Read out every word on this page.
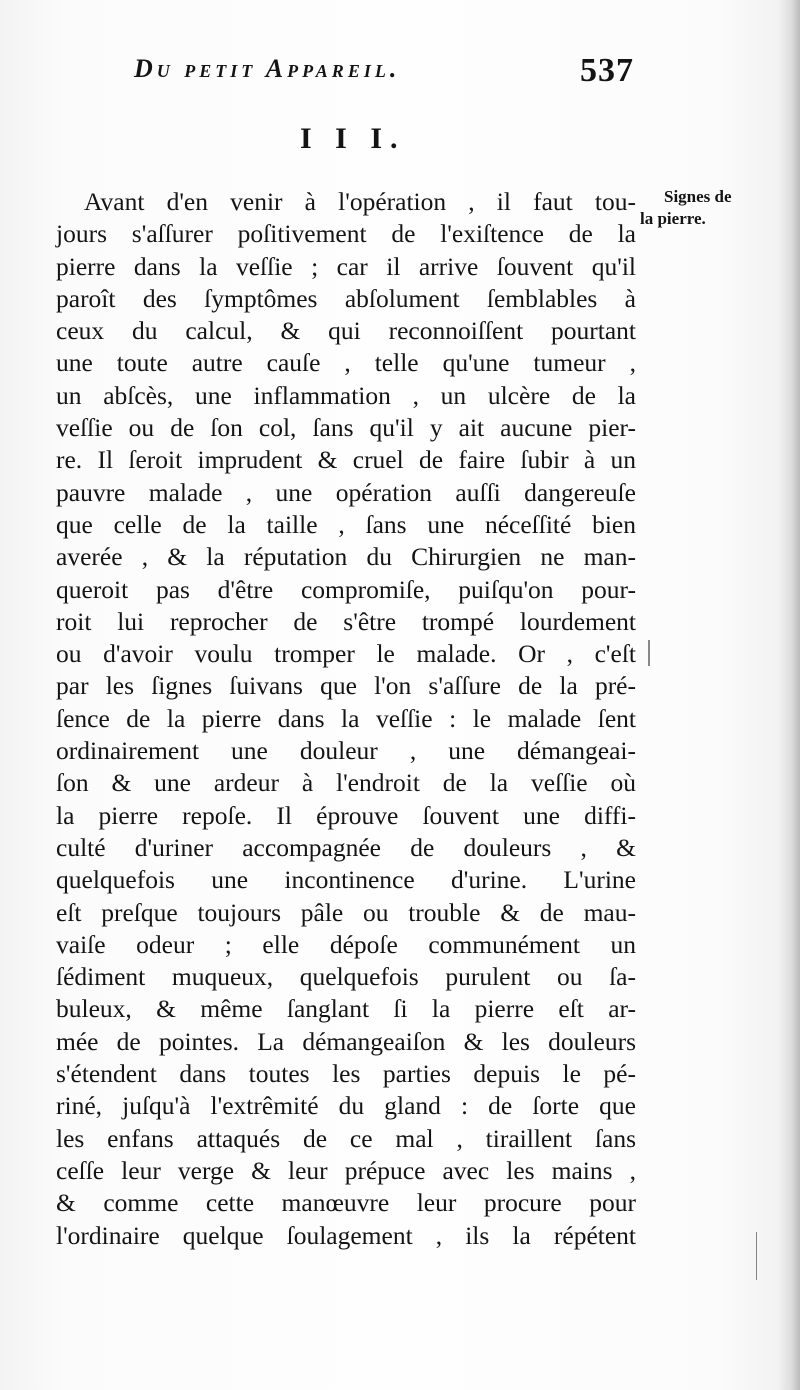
Du petit Appareil.	537
I I I.
Signes de
la pierre.
Avant d'en venir à l'opération , il faut tou-
jours s'aſſurer poſitivement de l'exiſtence de la
pierre dans la veſſie ; car il arrive ſouvent qu'il
paroît des ſymptômes abſolument ſemblables à
ceux du calcul, & qui reconnoiſſent pourtant
une toute autre cauſe , telle qu'une tumeur ,
un abſcès, une inflammation , un ulcère de la
veſſie ou de ſon col, ſans qu'il y ait aucune pier-
re. Il ſeroit imprudent & cruel de faire ſubir à un
pauvre malade , une opération auſſi dangereuſe
que celle de la taille , ſans une néceſſité bien
averée , & la réputation du Chirurgien ne man-
queroit pas d'être compromiſe, puiſqu'on pour-
roit lui reprocher de s'être trompé lourdement
ou d'avoir voulu tromper le malade. Or , c'eſt
par les ſignes ſuivans que l'on s'aſſure de la pré-
ſence de la pierre dans la veſſie : le malade ſent
ordinairement une douleur , une démangeai-
ſon & une ardeur à l'endroit de la veſſie où
la pierre repoſe. Il éprouve ſouvent une diffi-
culté d'uriner accompagnée de douleurs , &
quelquefois une incontinence d'urine. L'urine
eſt preſque toujours pâle ou trouble & de mau-
vaiſe odeur ; elle dépoſe communément un
ſédiment muqueux, quelquefois purulent ou ſa-
buleux, & même ſanglant ſi la pierre eſt ar-
mée de pointes. La démangeaiſon & les douleurs
s'étendent dans toutes les parties depuis le pé-
riné, juſqu'à l'extrêmité du gland : de ſorte que
les enfans attaqués de ce mal , tiraillent ſans
ceſſe leur verge & leur prépuce avec les mains ,
& comme cette manœuvre leur procure pour
l'ordinaire quelque ſoulagement , ils la répétent
